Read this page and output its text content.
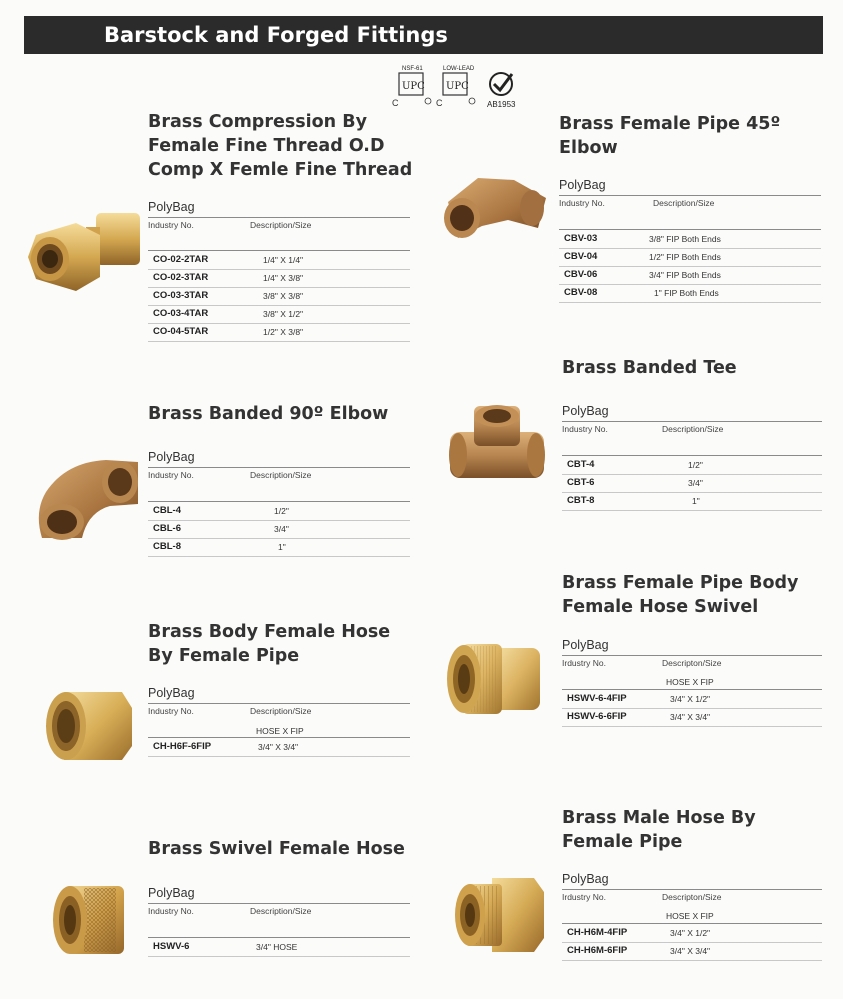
Barstock and Forged Fittings
NSF-61
UPC
C
LOW-LEAD
UPC
C	AB1953
Brass Compression By
Female Fine Thread O.D
Comp X Femle Fine Thread
PolyBag
Industry No.	Description/Size
CO-02-2TAR	1/4" X 1/4"
CO-02-3TAR	1/4" X 3/8"
CO-03-3TAR	3/8" X 3/8"
CO-03-4TAR	3/8" X 1/2"
CO-04-5TAR	1/2" X 3/8"
Brass Banded 90º Elbow
PolyBag
Industry No.	Description/Size
CBL-4	1/2"
CBL-6	3/4"
CBL-8	1"
Brass Body Female Hose
By Female Pipe
PolyBag
Industry No.	Description/Size
HOSE X FIP
CH-H6F-6FIP	3/4" X 3/4"
Brass Swivel Female Hose
PolyBag
Industry No.	Description/Size
HSWV-6	3/4" HOSE
Brass Female Pipe 45º
Elbow
PolyBag
Industry No.	Description/Size
CBV-03	3/8" FIP Both Ends
CBV-04	1/2" FIP Both Ends
CBV-06	3/4" FIP Both Ends
CBV-08	1" FIP Both Ends
Brass Banded Tee
PolyBag
Industry No.	Description/Size
CBT-4	1/2"
CBT-6	3/4"
CBT-8	1"
Brass Female Pipe Body
Female Hose Swivel
PolyBag
Irdustry No.	Descripton/Size
HOSE X FIP
HSWV-6-4FIP	3/4" X 1/2"
HSWV-6-6FIP	3/4" X 3/4"
Brass Male Hose By
Female Pipe
PolyBag
Irdustry No.	Descripton/Size
HOSE X FIP
CH-H6M-4FIP	3/4" X 1/2"
CH-H6M-6FIP	3/4" X 3/4"
